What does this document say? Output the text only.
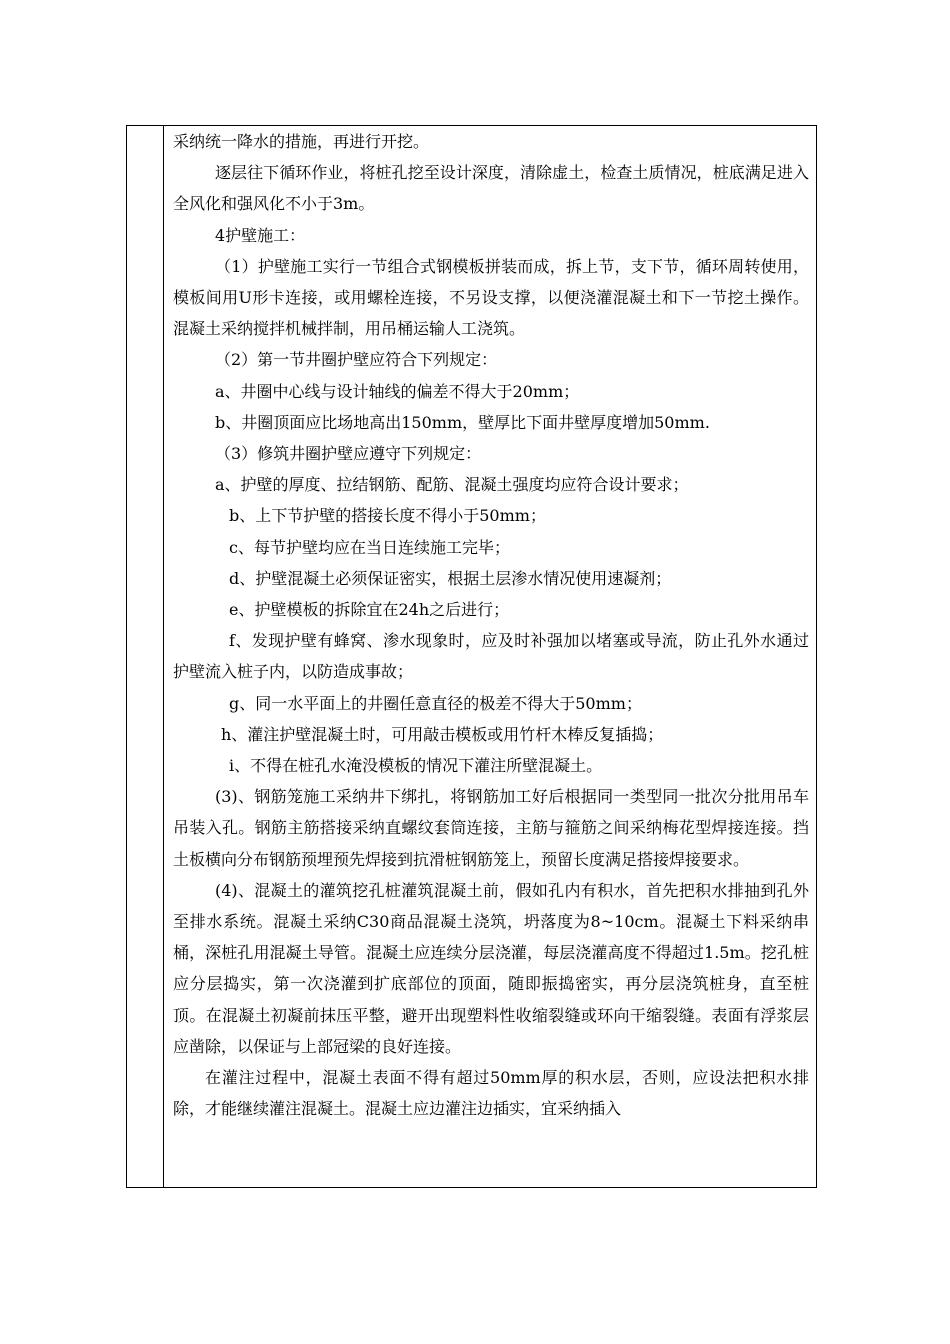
采纳统一降水的措施，再进行开挖。

逐层往下循环作业，将桩孔挖至设计深度，清除虚土，检查土质情况，桩底满足进入全风化和强风化不小于3m。

4护壁施工：

（1）护壁施工实行一节组合式钢模板拼装而成，拆上节，支下节，循环周转使用，模板间用U形卡连接，或用螺栓连接，不另设支撑，以便浇灌混凝土和下一节挖土操作。混凝土采纳搅拌机械拌制，用吊桶运输人工浇筑。

（2）第一节井圈护壁应符合下列规定：

a、井圈中心线与设计轴线的偏差不得大于20mm；

b、井圈顶面应比场地高出150mm，壁厚比下面井壁厚度增加50mm.

（3）修筑井圈护壁应遵守下列规定：

a、护壁的厚度、拉结钢筋、配筋、混凝土强度均应符合设计要求；

b、上下节护壁的搭接长度不得小于50mm；

c、每节护壁均应在当日连续施工完毕；

d、护壁混凝土必须保证密实，根据土层渗水情况使用速凝剂；

e、护壁模板的拆除宜在24h之后进行；

f、发现护壁有蜂窝、渗水现象时，应及时补强加以堵塞或导流，防止孔外水通过护壁流入桩子内，以防造成事故；

g、同一水平面上的井圈任意直径的极差不得大于50mm；

h、灌注护壁混凝土时，可用敲击模板或用竹杆木棒反复插捣；

i、不得在桩孔水淹没模板的情况下灌注所壁混凝土。

(3)、钢筋笼施工采纳井下绑扎，将钢筋加工好后根据同一类型同一批次分批用吊车吊装入孔。钢筋主筋搭接采纳直螺纹套筒连接，主筋与箍筋之间采纳梅花型焊接连接。挡土板横向分布钢筋预埋预先焊接到抗滑桩钢筋笼上，预留长度满足搭接焊接要求。

(4)、混凝土的灌筑挖孔桩灌筑混凝土前，假如孔内有积水，首先把积水排抽到孔外至排水系统。混凝土采纳C30商品混凝土浇筑，坍落度为8~10cm。混凝土下料采纳串桶，深桩孔用混凝土导管。混凝土应连续分层浇灌，每层浇灌高度不得超过1.5m。挖孔桩应分层捣实，第一次浇灌到扩底部位的顶面，随即振捣密实，再分层浇筑桩身，直至桩顶。在混凝土初凝前抹压平整，避开出现塑料性收缩裂缝或环向干缩裂缝。表面有浮浆层应凿除，以保证与上部冠梁的良好连接。

在灌注过程中，混凝土表面不得有超过50mm厚的积水层，否则，应设法把积水排除，才能继续灌注混凝土。混凝土应边灌注边插实，宜采纳插入
